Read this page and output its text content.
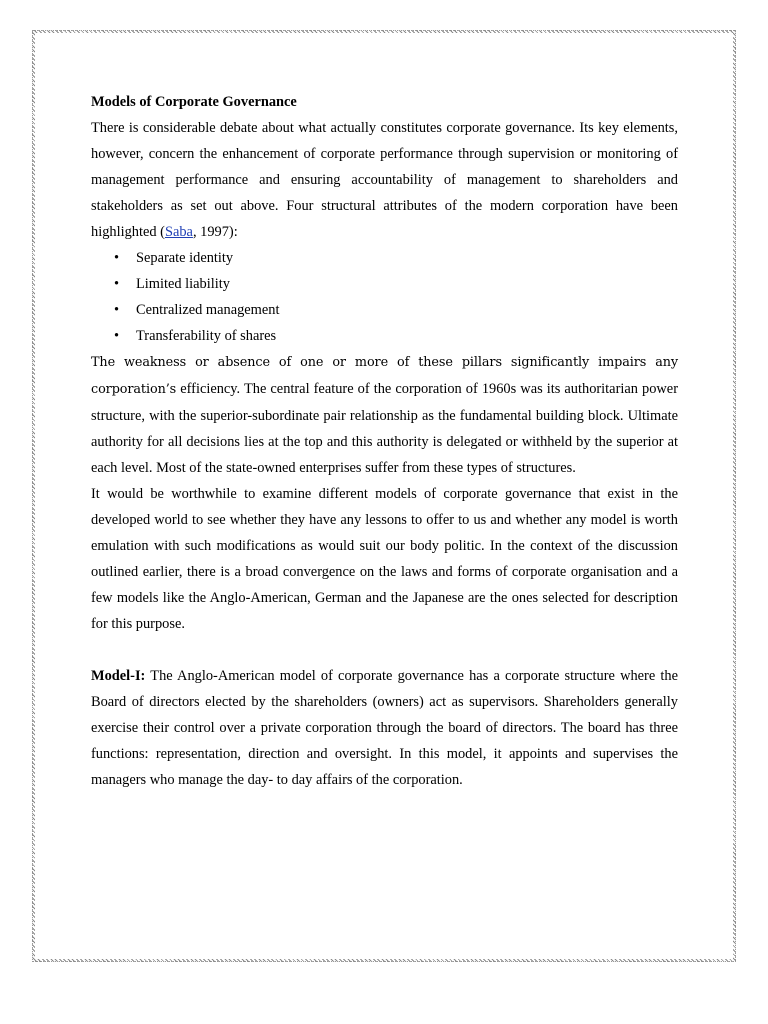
Models of Corporate Governance

There is considerable debate about what actually constitutes corporate governance. Its key elements, however, concern the enhancement of corporate performance through supervision or monitoring of management performance and ensuring accountability of management to shareholders and stakeholders as set out above. Four structural attributes of the modern corporation have been highlighted (Saba, 1997):

• Separate identity
• Limited liability
• Centralized management
• Transferability of shares

The weakness or absence of one or more of these pillars significantly impairs any corporation’s efficiency. The central feature of the corporation of 1960s was its authoritarian power structure, with the superior-subordinate pair relationship as the fundamental building block. Ultimate authority for all decisions lies at the top and this authority is delegated or withheld by the superior at each level. Most of the state-owned enterprises suffer from these types of structures.

It would be worthwhile to examine different models of corporate governance that exist in the developed world to see whether they have any lessons to offer to us and whether any model is worth emulation with such modifications as would suit our body politic. In the context of the discussion outlined earlier, there is a broad convergence on the laws and forms of corporate organisation and a few models like the Anglo-American, German and the Japanese are the ones selected for description for this purpose.

Model-I: The Anglo-American model of corporate governance has a corporate structure where the Board of directors elected by the shareholders (owners) act as supervisors. Shareholders generally exercise their control over a private corporation through the board of directors. The board has three functions: representation, direction and oversight. In this model, it appoints and supervises the managers who manage the day- to day affairs of the corporation.
